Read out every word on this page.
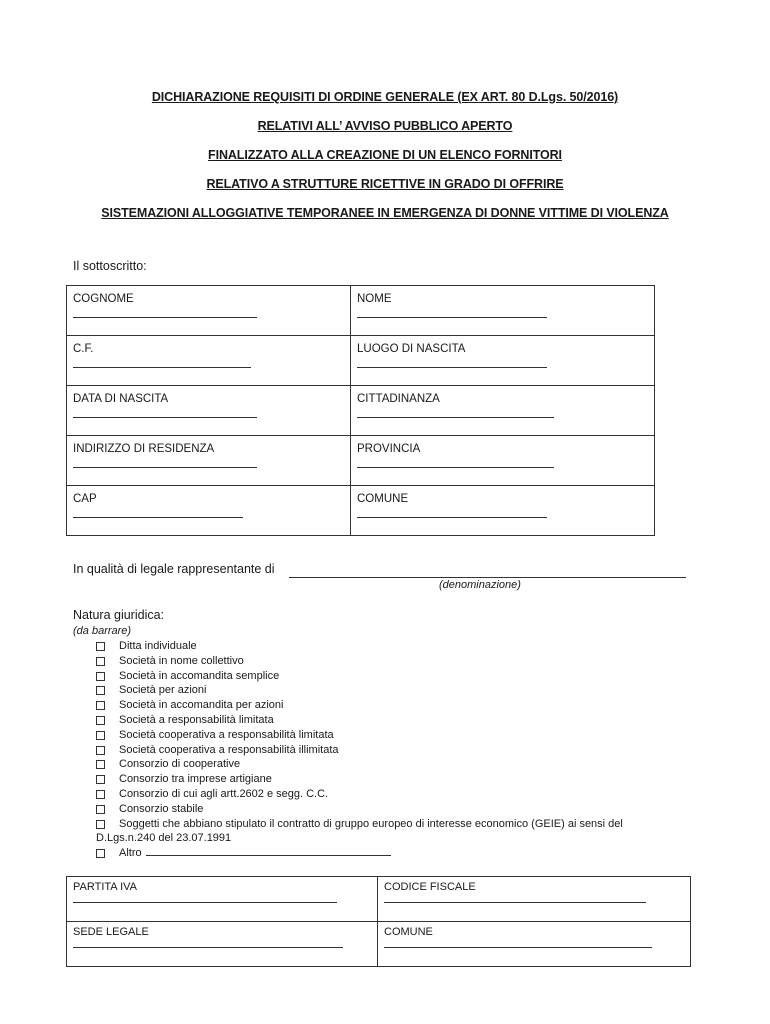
DICHIARAZIONE REQUISITI DI ORDINE GENERALE (EX ART. 80 D.Lgs. 50/2016)
RELATIVI ALL’ AVVISO PUBBLICO APERTO
FINALIZZATO ALLA CREAZIONE DI UN ELENCO FORNITORI
RELATIVO A STRUTTURE RICETTIVE IN GRADO DI OFFRIRE
SISTEMAZIONI ALLOGGIATIVE TEMPORANEE IN EMERGENZA DI DONNE VITTIME DI VIOLENZA
Il sottoscritto:
COGNOME	NOME

C.F.	LUOGO DI NASCITA

DATA DI NASCITA	CITTADINANZA

INDIRIZZO DI RESIDENZA	PROVINCIA

CAP	COMUNE
In qualità di legale rappresentante di
(denominazione)
Natura giuridica:
(da barrare)
Ditta individuale
Società in nome collettivo
Società in accomandita semplice
Società per azioni
Società in accomandita per azioni
Società a responsabilità limitata
Società cooperativa a responsabilità limitata
Società cooperativa a responsabilità illimitata
Consorzio di cooperative
Consorzio tra imprese artigiane
Consorzio di cui agli artt.2602 e segg. C.C.
Consorzio stabile
Soggetti che abbiano stipulato il contratto di gruppo europeo di interesse economico (GEIE) ai sensi del
D.Lgs.n.240 del 23.07.1991
Altro
PARTITA IVA	CODICE FISCALE

SEDE LEGALE	COMUNE
